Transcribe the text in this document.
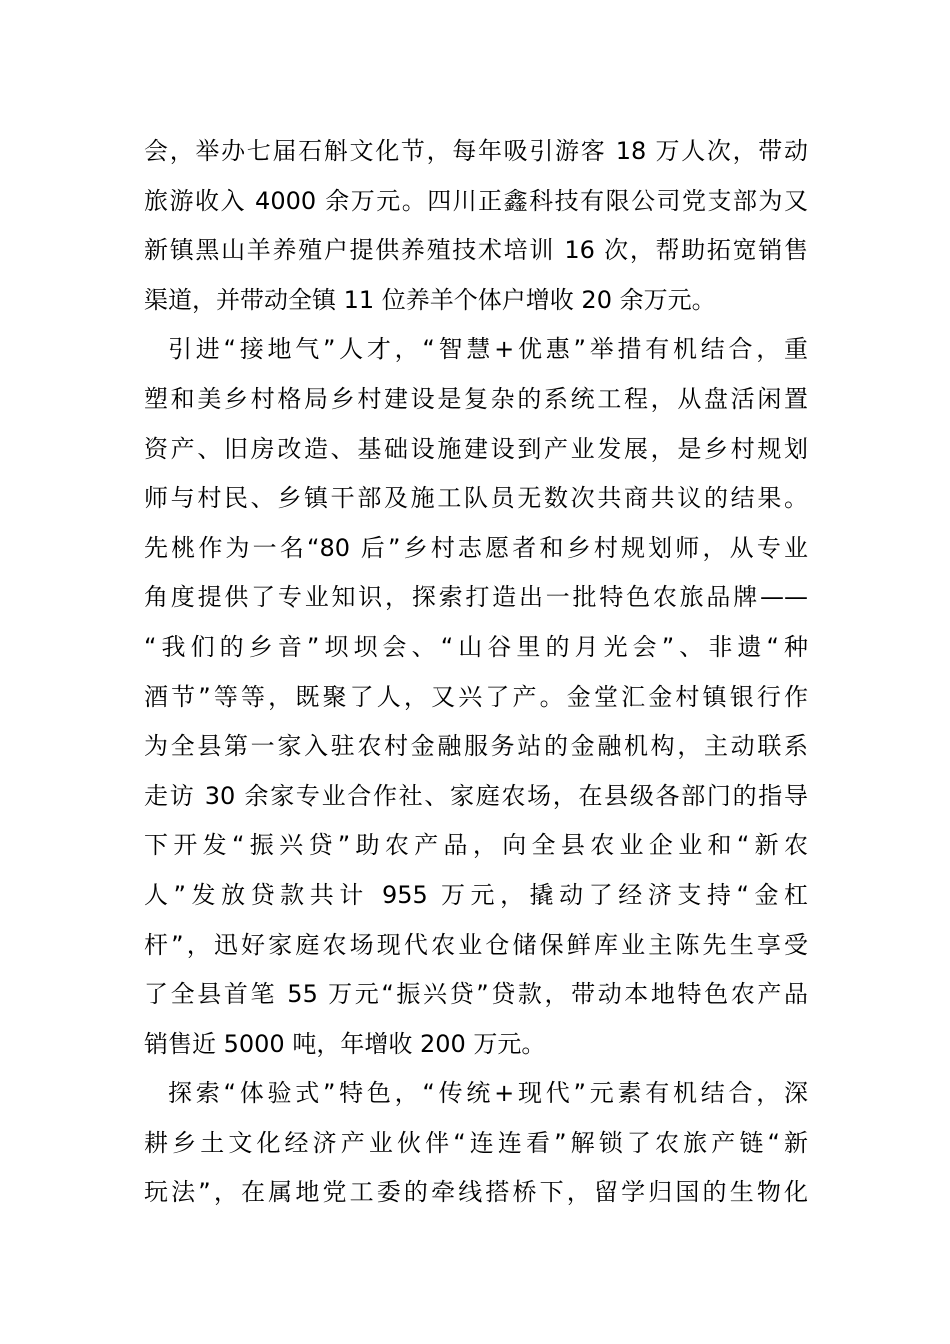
会，举办七届石斛文化节，每年吸引游客 18 万人次，带动
旅游收入 4000 余万元。四川正鑫科技有限公司党支部为又
新镇黑山羊养殖户提供养殖技术培训 16 次，帮助拓宽销售
渠道，并带动全镇 11 位养羊个体户增收 20 余万元。
引进“接地气”人才，“智慧+优惠”举措有机结合，重
塑和美乡村格局乡村建设是复杂的系统工程，从盘活闲置
资产、旧房改造、基础设施建设到产业发展，是乡村规划
师与村民、乡镇干部及施工队员无数次共商共议的结果。
先桃作为一名“80 后”乡村志愿者和乡村规划师，从专业
角度提供了专业知识，探索打造出一批特色农旅品牌——
“我们的乡音”坝坝会、“山谷里的月光会”、非遗“种
酒节”等等，既聚了人，又兴了产。金堂汇金村镇银行作
为全县第一家入驻农村金融服务站的金融机构，主动联系
走访 30 余家专业合作社、家庭农场，在县级各部门的指导
下开发“振兴贷”助农产品，向全县农业企业和“新农
人”发放贷款共计 955 万元，撬动了经济支持“金杠
杆”，迅好家庭农场现代农业仓储保鲜库业主陈先生享受
了全县首笔 55 万元“振兴贷”贷款，带动本地特色农产品
销售近 5000 吨，年增收 200 万元。
探索“体验式”特色，“传统+现代”元素有机结合，深
耕乡土文化经济产业伙伴“连连看”解锁了农旅产链“新
玩法”，在属地党工委的牵线搭桥下，留学归国的生物化
